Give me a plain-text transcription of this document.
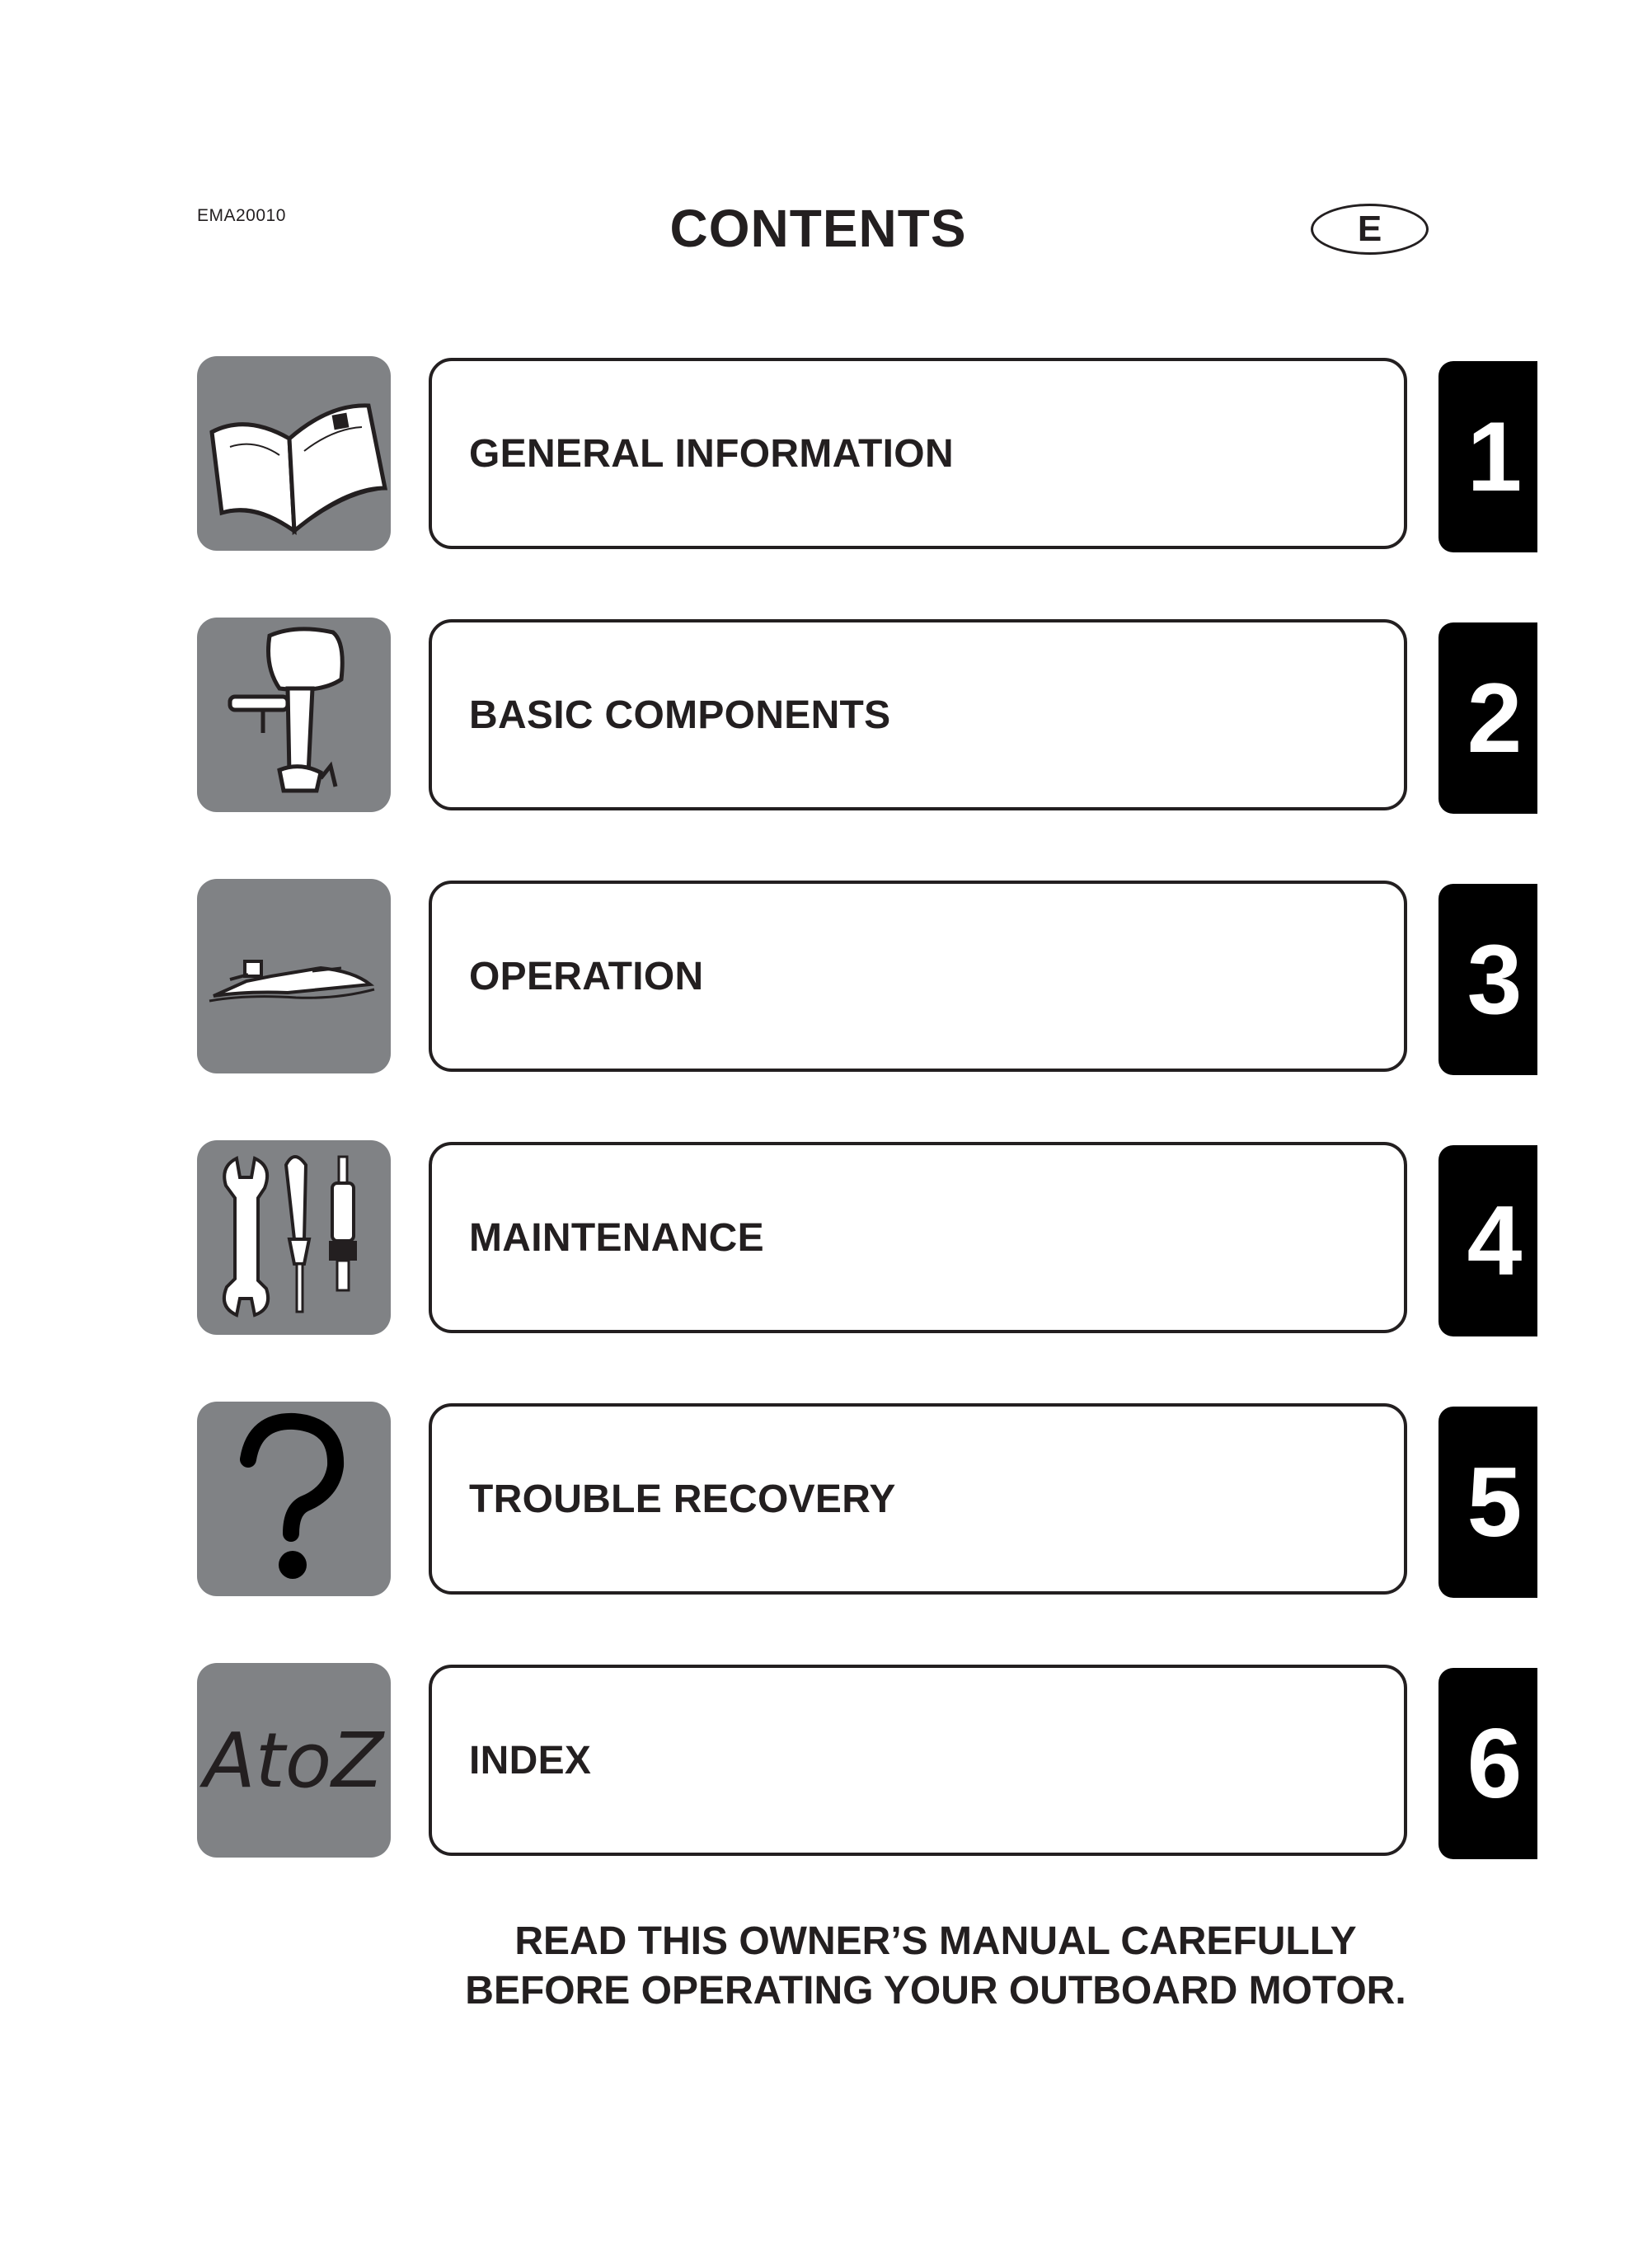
EMA20010	CONTENTS	E
GENERAL INFORMATION	1
BASIC COMPONENTS	2
OPERATION	3
MAINTENANCE	4
TROUBLE RECOVERY	5
AtoZ	INDEX	6
READ THIS OWNER’S MANUAL CAREFULLY
BEFORE OPERATING YOUR OUTBOARD MOTOR.
